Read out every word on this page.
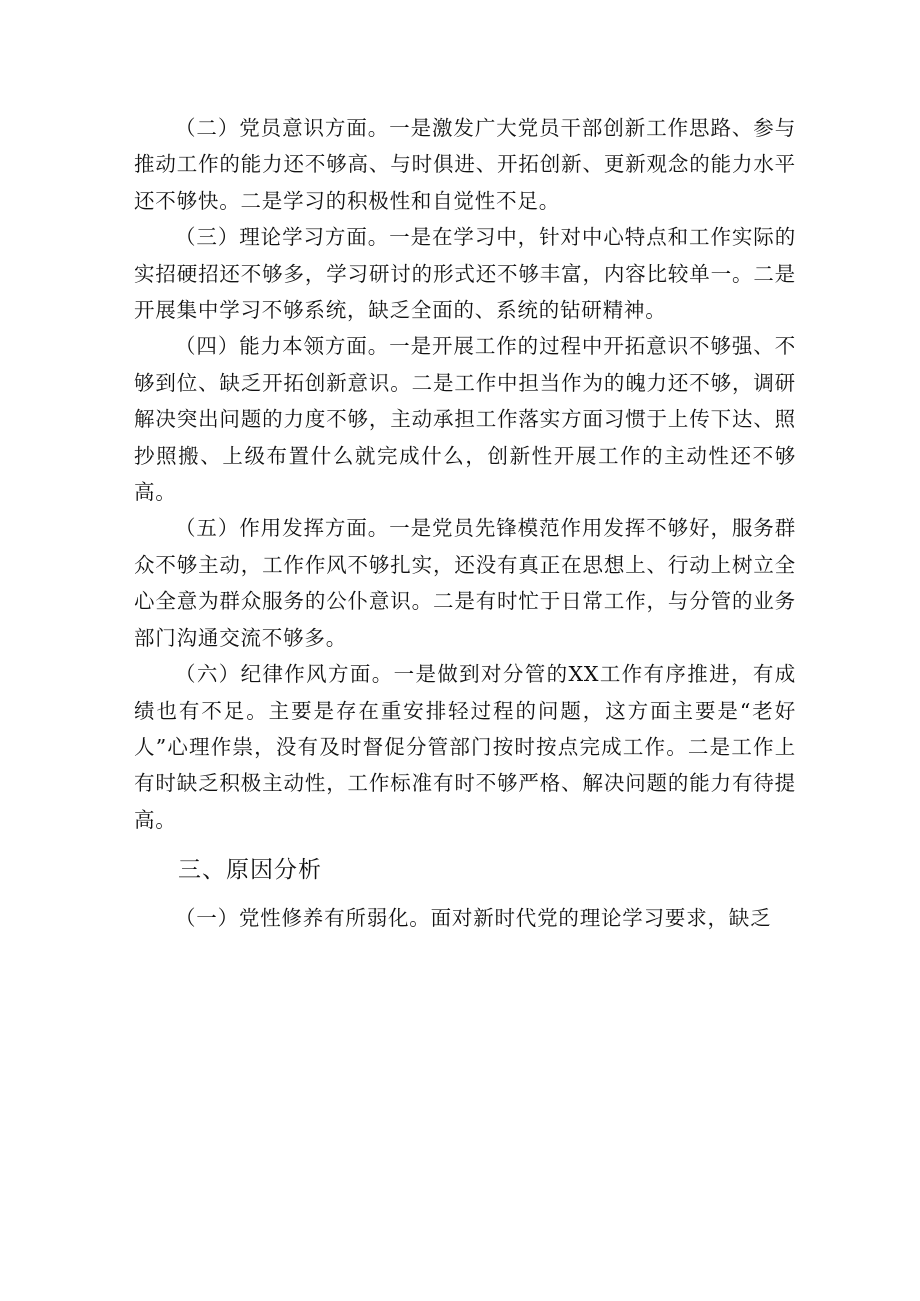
（二）党员意识方面。一是激发广大党员干部创新工作思路、参与推动工作的能力还不够高、与时俱进、开拓创新、更新观念的能力水平还不够快。二是学习的积极性和自觉性不足。

（三）理论学习方面。一是在学习中，针对中心特点和工作实际的实招硬招还不够多，学习研讨的形式还不够丰富，内容比较单一。二是开展集中学习不够系统，缺乏全面的、系统的钻研精神。

（四）能力本领方面。一是开展工作的过程中开拓意识不够强、不够到位、缺乏开拓创新意识。二是工作中担当作为的魄力还不够，调研解决突出问题的力度不够，主动承担工作落实方面习惯于上传下达、照抄照搬、上级布置什么就完成什么，创新性开展工作的主动性还不够高。

（五）作用发挥方面。一是党员先锋模范作用发挥不够好，服务群众不够主动，工作作风不够扎实，还没有真正在思想上、行动上树立全心全意为群众服务的公仆意识。二是有时忙于日常工作，与分管的业务部门沟通交流不够多。

（六）纪律作风方面。一是做到对分管的XX工作有序推进，有成绩也有不足。主要是存在重安排轻过程的问题，这方面主要是“老好人”心理作祟，没有及时督促分管部门按时按点完成工作。二是工作上有时缺乏积极主动性，工作标准有时不够严格、解决问题的能力有待提高。

三、原因分析

（一）党性修养有所弱化。面对新时代党的理论学习要求，缺乏
